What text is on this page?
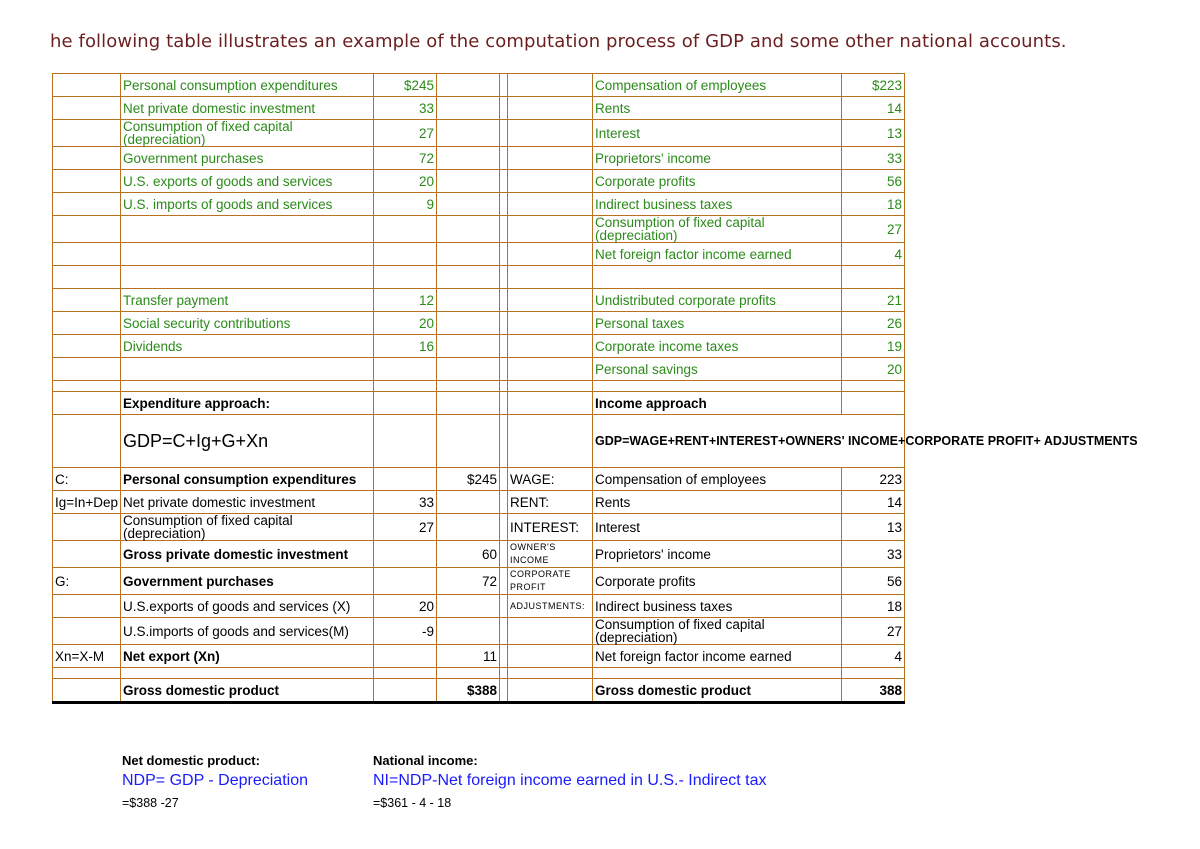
he following table illustrates an example of the computation process of GDP and some other national accounts.
	Personal consumption expenditures	$245				Compensation of employees	$223
	Net private domestic investment	33				Rents	14
	Consumption of fixed capital (depreciation)	27				Interest	13
	Government purchases	72				Proprietors' income	33
	U.S. exports of goods and services	20				Corporate profits	56
	U.S. imports of goods and services	9				Indirect business taxes	18
						Consumption of fixed capital (depreciation)	27
						Net foreign factor income earned	4

	Transfer payment	12				Undistributed corporate profits	21
	Social security contributions	20				Personal taxes	26
	Dividends	16				Corporate income taxes	19
						Personal savings	20

	Expenditure approach:					Income approach	
	GDP=C+Ig+G+Xn					GDP=WAGE+RENT+INTEREST+OWNERS' INCOME+CORPORATE PROFIT+ ADJUSTMENTS	
C:	Personal consumption expenditures		$245		WAGE:	Compensation of employees	223
Ig=In+Dep	Net private domestic investment	33			RENT:	Rents	14
	Consumption of fixed capital (depreciation)	27			INTEREST:	Interest	13
	Gross private domestic investment		60		OWNER'S INCOME	Proprietors' income	33
G:	Government purchases		72		CORPORATE PROFIT	Corporate profits	56
	U.S.exports of goods and services (X)	20			ADJUSTMENTS:	Indirect business taxes	18
	U.S.imports of goods and services(M)	-9				Consumption of fixed capital (depreciation)	27
Xn=X-M	Net export (Xn)		11			Net foreign factor income earned	4

	Gross domestic product		$388			Gross domestic product	388
Net domestic product:
NDP= GDP - Depreciation
=$388 -27
National income:
NI=NDP-Net foreign income earned in U.S.- Indirect tax
=$361 - 4 - 18
